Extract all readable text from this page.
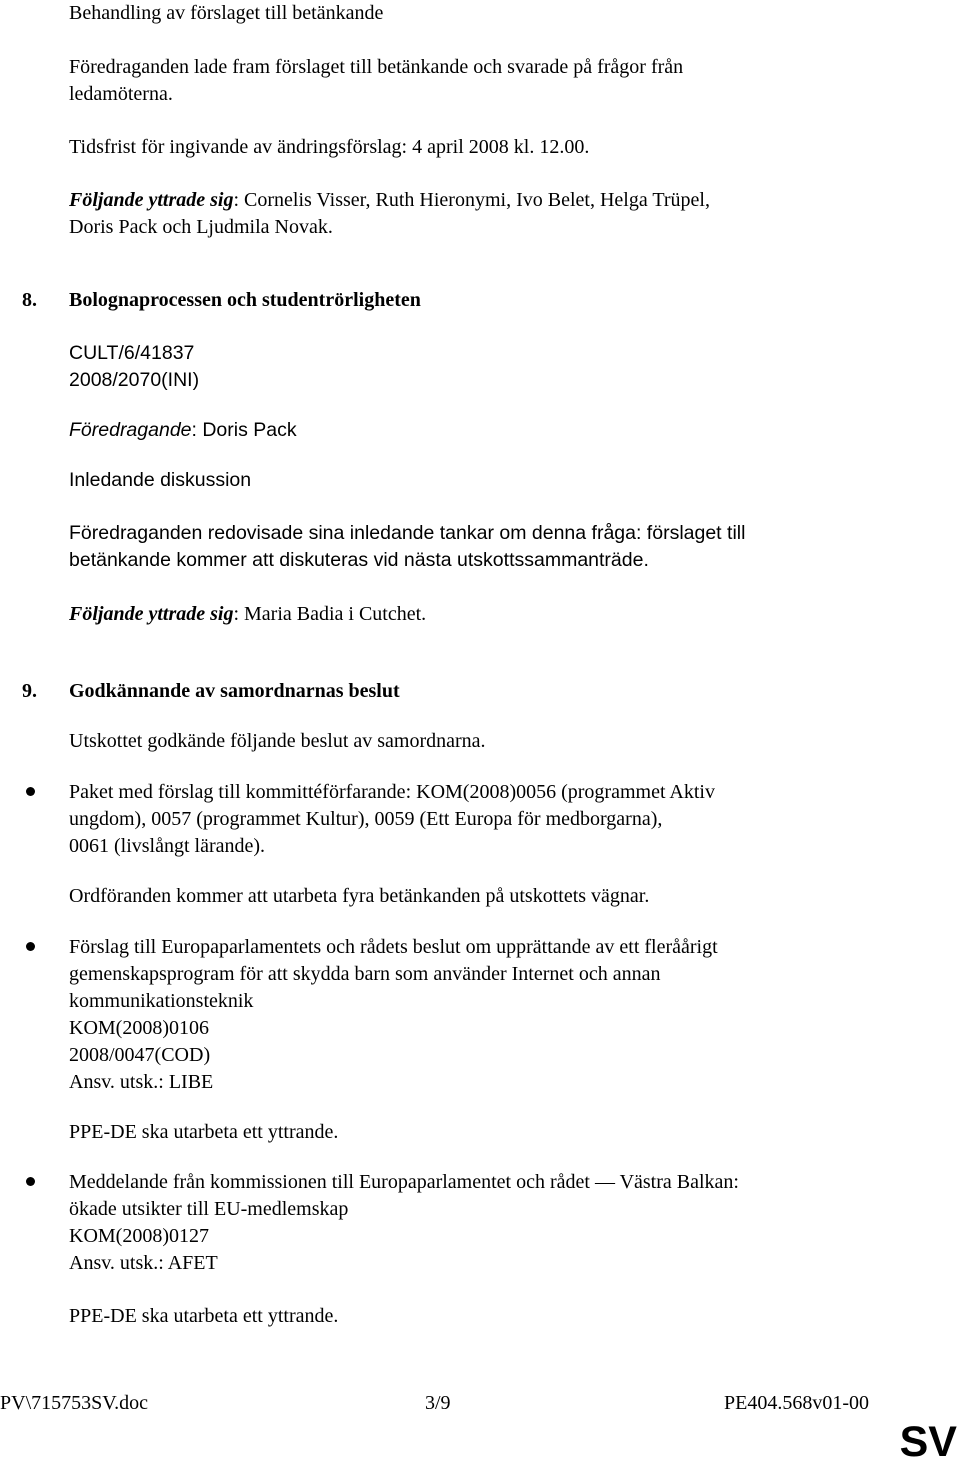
Behandling av förslaget till betänkande
Föredraganden lade fram förslaget till betänkande och svarade på frågor från
ledamöterna.
Tidsfrist för ingivande av ändringsförslag: 4 april 2008 kl. 12.00.
Följande yttrade sig: Cornelis Visser, Ruth Hieronymi, Ivo Belet, Helga Trüpel,
Doris Pack och Ljudmila Novak.
8. Bolognaprocessen och studentrörligheten
CULT/6/41837
2008/2070(INI)
Föredragande: Doris Pack
Inledande diskussion
Föredraganden redovisade sina inledande tankar om denna fråga: förslaget till
betänkande kommer att diskuteras vid nästa utskottssammanträde.
Följande yttrade sig: Maria Badia i Cutchet.
9. Godkännande av samordnarnas beslut
Utskottet godkände följande beslut av samordnarna.
Paket med förslag till kommittéförfarande: KOM(2008)0056 (programmet Aktiv
ungdom), 0057 (programmet Kultur), 0059 (Ett Europa för medborgarna),
0061 (livslångt lärande).
Ordföranden kommer att utarbeta fyra betänkanden på utskottets vägnar.
Förslag till Europaparlamentets och rådets beslut om upprättande av ett fleråårigt
gemenskapsprogram för att skydda barn som använder Internet och annan
kommunikationsteknik
KOM(2008)0106
2008/0047(COD)
Ansv. utsk.: LIBE
PPE-DE ska utarbeta ett yttrande.
Meddelande från kommissionen till Europaparlamentet och rådet ― Västra Balkan:
ökade utsikter till EU-medlemskap
KOM(2008)0127
Ansv. utsk.: AFET
PPE-DE ska utarbeta ett yttrande.
PV\715753SV.doc	3/9	PE404.568v01-00
SV
